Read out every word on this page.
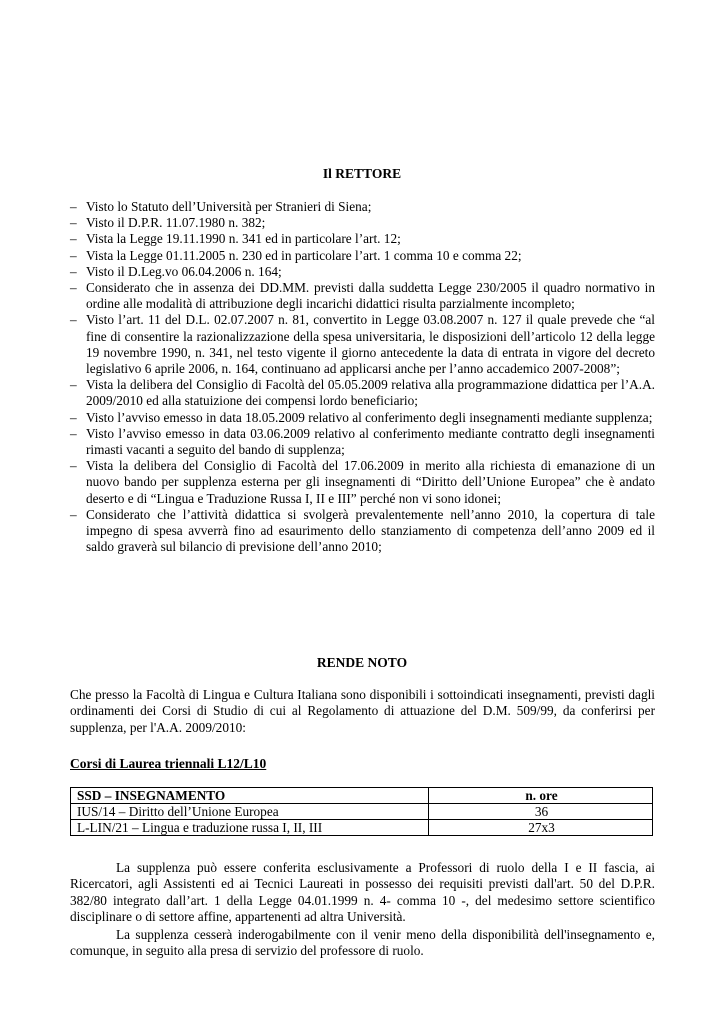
Il RETTORE
– Visto lo Statuto dell’Università per Stranieri di Siena;
– Visto il D.P.R. 11.07.1980 n. 382;
– Vista la Legge 19.11.1990 n. 341 ed in particolare l’art. 12;
– Vista la Legge 01.11.2005 n. 230 ed in particolare l’art. 1 comma 10 e comma 22;
– Visto il D.Leg.vo 06.04.2006 n. 164;
– Considerato che in assenza dei DD.MM. previsti dalla suddetta Legge 230/2005 il quadro normativo in ordine alle modalità di attribuzione degli incarichi didattici risulta parzialmente incompleto;
– Visto l’art. 11 del D.L. 02.07.2007 n. 81, convertito in Legge 03.08.2007 n. 127 il quale prevede che “al fine di consentire la razionalizzazione della spesa universitaria, le disposizioni dell’articolo 12 della legge 19 novembre 1990, n. 341, nel testo vigente il giorno antecedente la data di entrata in vigore del decreto legislativo 6 aprile 2006, n. 164, continuano ad applicarsi anche per l’anno accademico 2007-2008”;
– Vista la delibera del Consiglio di Facoltà del 05.05.2009 relativa alla programmazione didattica per l’A.A. 2009/2010 ed alla statuizione dei compensi lordo beneficiario;
– Visto l’avviso emesso in data 18.05.2009 relativo al conferimento degli insegnamenti mediante supplenza;
– Visto l’avviso emesso in data 03.06.2009 relativo al conferimento mediante contratto degli insegnamenti rimasti vacanti a seguito del bando di supplenza;
– Vista la delibera del Consiglio di Facoltà del 17.06.2009 in merito alla richiesta di emanazione di un nuovo bando per supplenza esterna per gli insegnamenti di “Diritto dell’Unione Europea” che è andato deserto e di “Lingua e Traduzione Russa I, II e III” perché non vi sono idonei;
– Considerato che l’attività didattica si svolgerà prevalentemente nell’anno 2010, la copertura di tale impegno di spesa avverrà fino ad esaurimento dello stanziamento di competenza dell’anno 2009 ed il saldo graverà sul bilancio di previsione dell’anno 2010;
RENDE NOTO
Che presso la Facoltà di Lingua e Cultura Italiana sono disponibili i sottoindicati insegnamenti, previsti dagli ordinamenti dei Corsi di Studio di cui al Regolamento di attuazione del D.M. 509/99, da conferirsi per supplenza, per l'A.A. 2009/2010:
Corsi di Laurea triennali L12/L10
SSD – INSEGNAMENTO	n. ore
IUS/14 – Diritto dell’Unione Europea	36
L-LIN/21 – Lingua e traduzione russa I, II, III	27x3
La supplenza può essere conferita esclusivamente a Professori di ruolo della I e II fascia, ai Ricercatori, agli Assistenti ed ai Tecnici Laureati in possesso dei requisiti previsti dall'art. 50 del D.P.R. 382/80 integrato dall’art. 1 della Legge 04.01.1999 n. 4- comma 10 -, del medesimo settore scientifico disciplinare o di settore affine, appartenenti ad altra Università.
La supplenza cesserà inderogabilmente con il venir meno della disponibilità dell'insegnamento e, comunque, in seguito alla presa di servizio del professore di ruolo.
